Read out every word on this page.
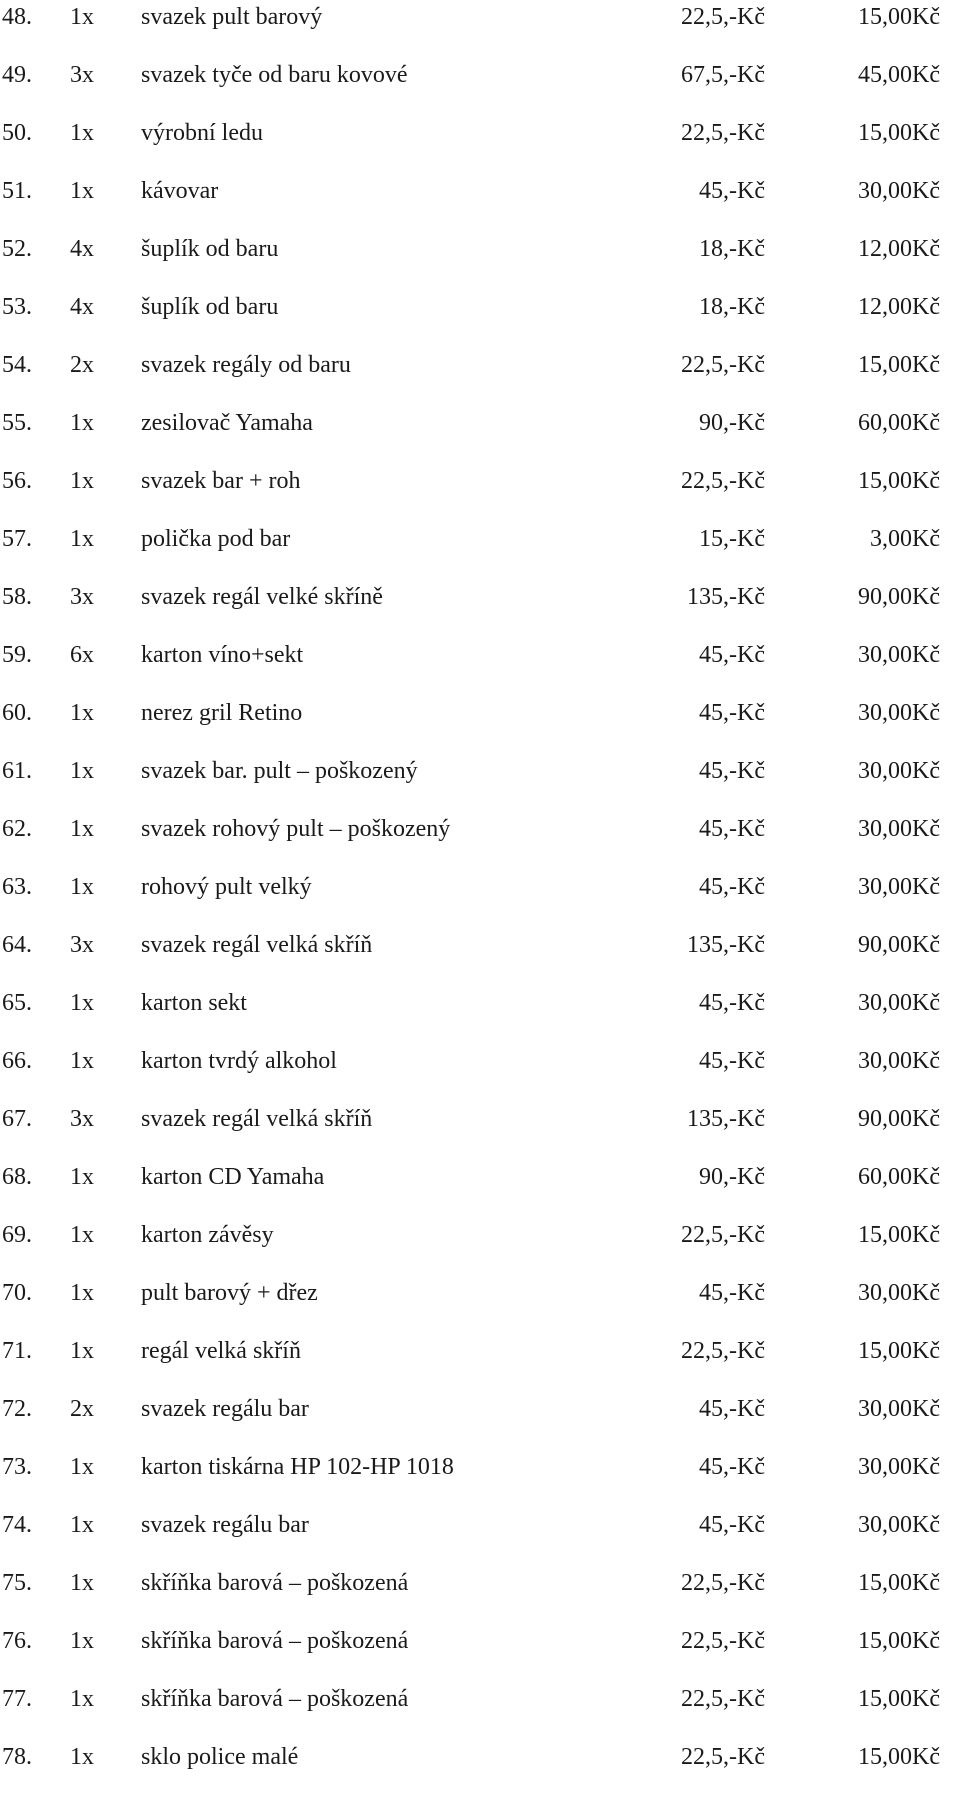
48. 1x svazek pult barový	22,5,-Kč	15,00Kč
49. 3x svazek tyče od baru kovové	67,5,-Kč	45,00Kč
50. 1x výrobní ledu	22,5,-Kč	15,00Kč
51. 1x kávovar	45,-Kč	30,00Kč
52. 4x šuplík od baru	18,-Kč	12,00Kč
53. 4x šuplík od baru	18,-Kč	12,00Kč
54. 2x svazek regály od baru	22,5,-Kč	15,00Kč
55. 1x zesilovač Yamaha	90,-Kč	60,00Kč
56. 1x svazek bar + roh	22,5,-Kč	15,00Kč
57. 1x polička pod bar	15,-Kč	3,00Kč
58. 3x svazek regál velké skříně	135,-Kč	90,00Kč
59. 6x karton víno+sekt	45,-Kč	30,00Kč
60. 1x nerez gril Retino	45,-Kč	30,00Kč
61. 1x svazek bar. pult – poškozený	45,-Kč	30,00Kč
62. 1x svazek rohový pult – poškozený	45,-Kč	30,00Kč
63. 1x rohový pult velký	45,-Kč	30,00Kč
64. 3x svazek regál velká skříň	135,-Kč	90,00Kč
65. 1x karton sekt	45,-Kč	30,00Kč
66. 1x karton tvrdý alkohol	45,-Kč	30,00Kč
67. 3x svazek regál velká skříň	135,-Kč	90,00Kč
68. 1x karton CD Yamaha	90,-Kč	60,00Kč
69. 1x karton závěsy	22,5,-Kč	15,00Kč
70. 1x pult barový + dřez	45,-Kč	30,00Kč
71. 1x regál velká skříň	22,5,-Kč	15,00Kč
72. 2x svazek regálu bar	45,-Kč	30,00Kč
73. 1x karton tiskárna HP 102-HP 1018	45,-Kč	30,00Kč
74. 1x svazek regálu bar	45,-Kč	30,00Kč
75. 1x skříňka barová – poškozená	22,5,-Kč	15,00Kč
76. 1x skříňka barová – poškozená	22,5,-Kč	15,00Kč
77. 1x skříňka barová – poškozená	22,5,-Kč	15,00Kč
78. 1x sklo police malé	22,5,-Kč	15,00Kč
